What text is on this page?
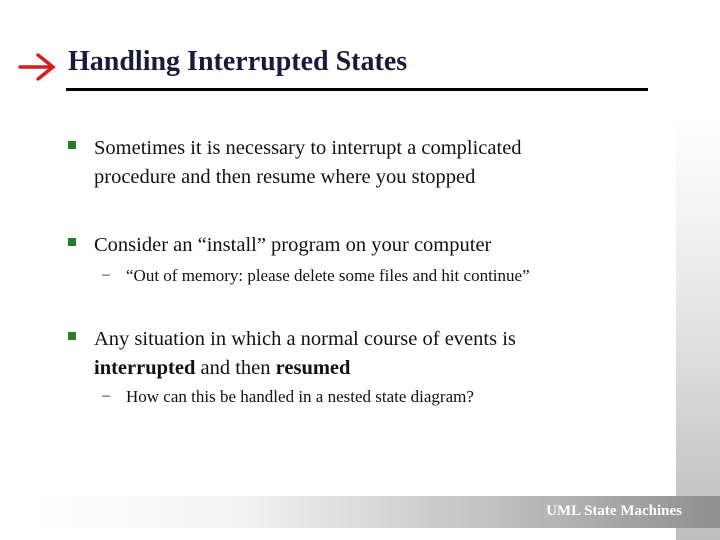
UML State Machines
Handling Interrupted States
Sometimes it is necessary to interrupt a complicated procedure and then resume where you stopped
Consider an “install” program on your computer
– “Out of memory: please delete some files and hit continue”
Any situation in which a normal course of events is interrupted and then resumed
– How can this be handled in a nested state diagram?
